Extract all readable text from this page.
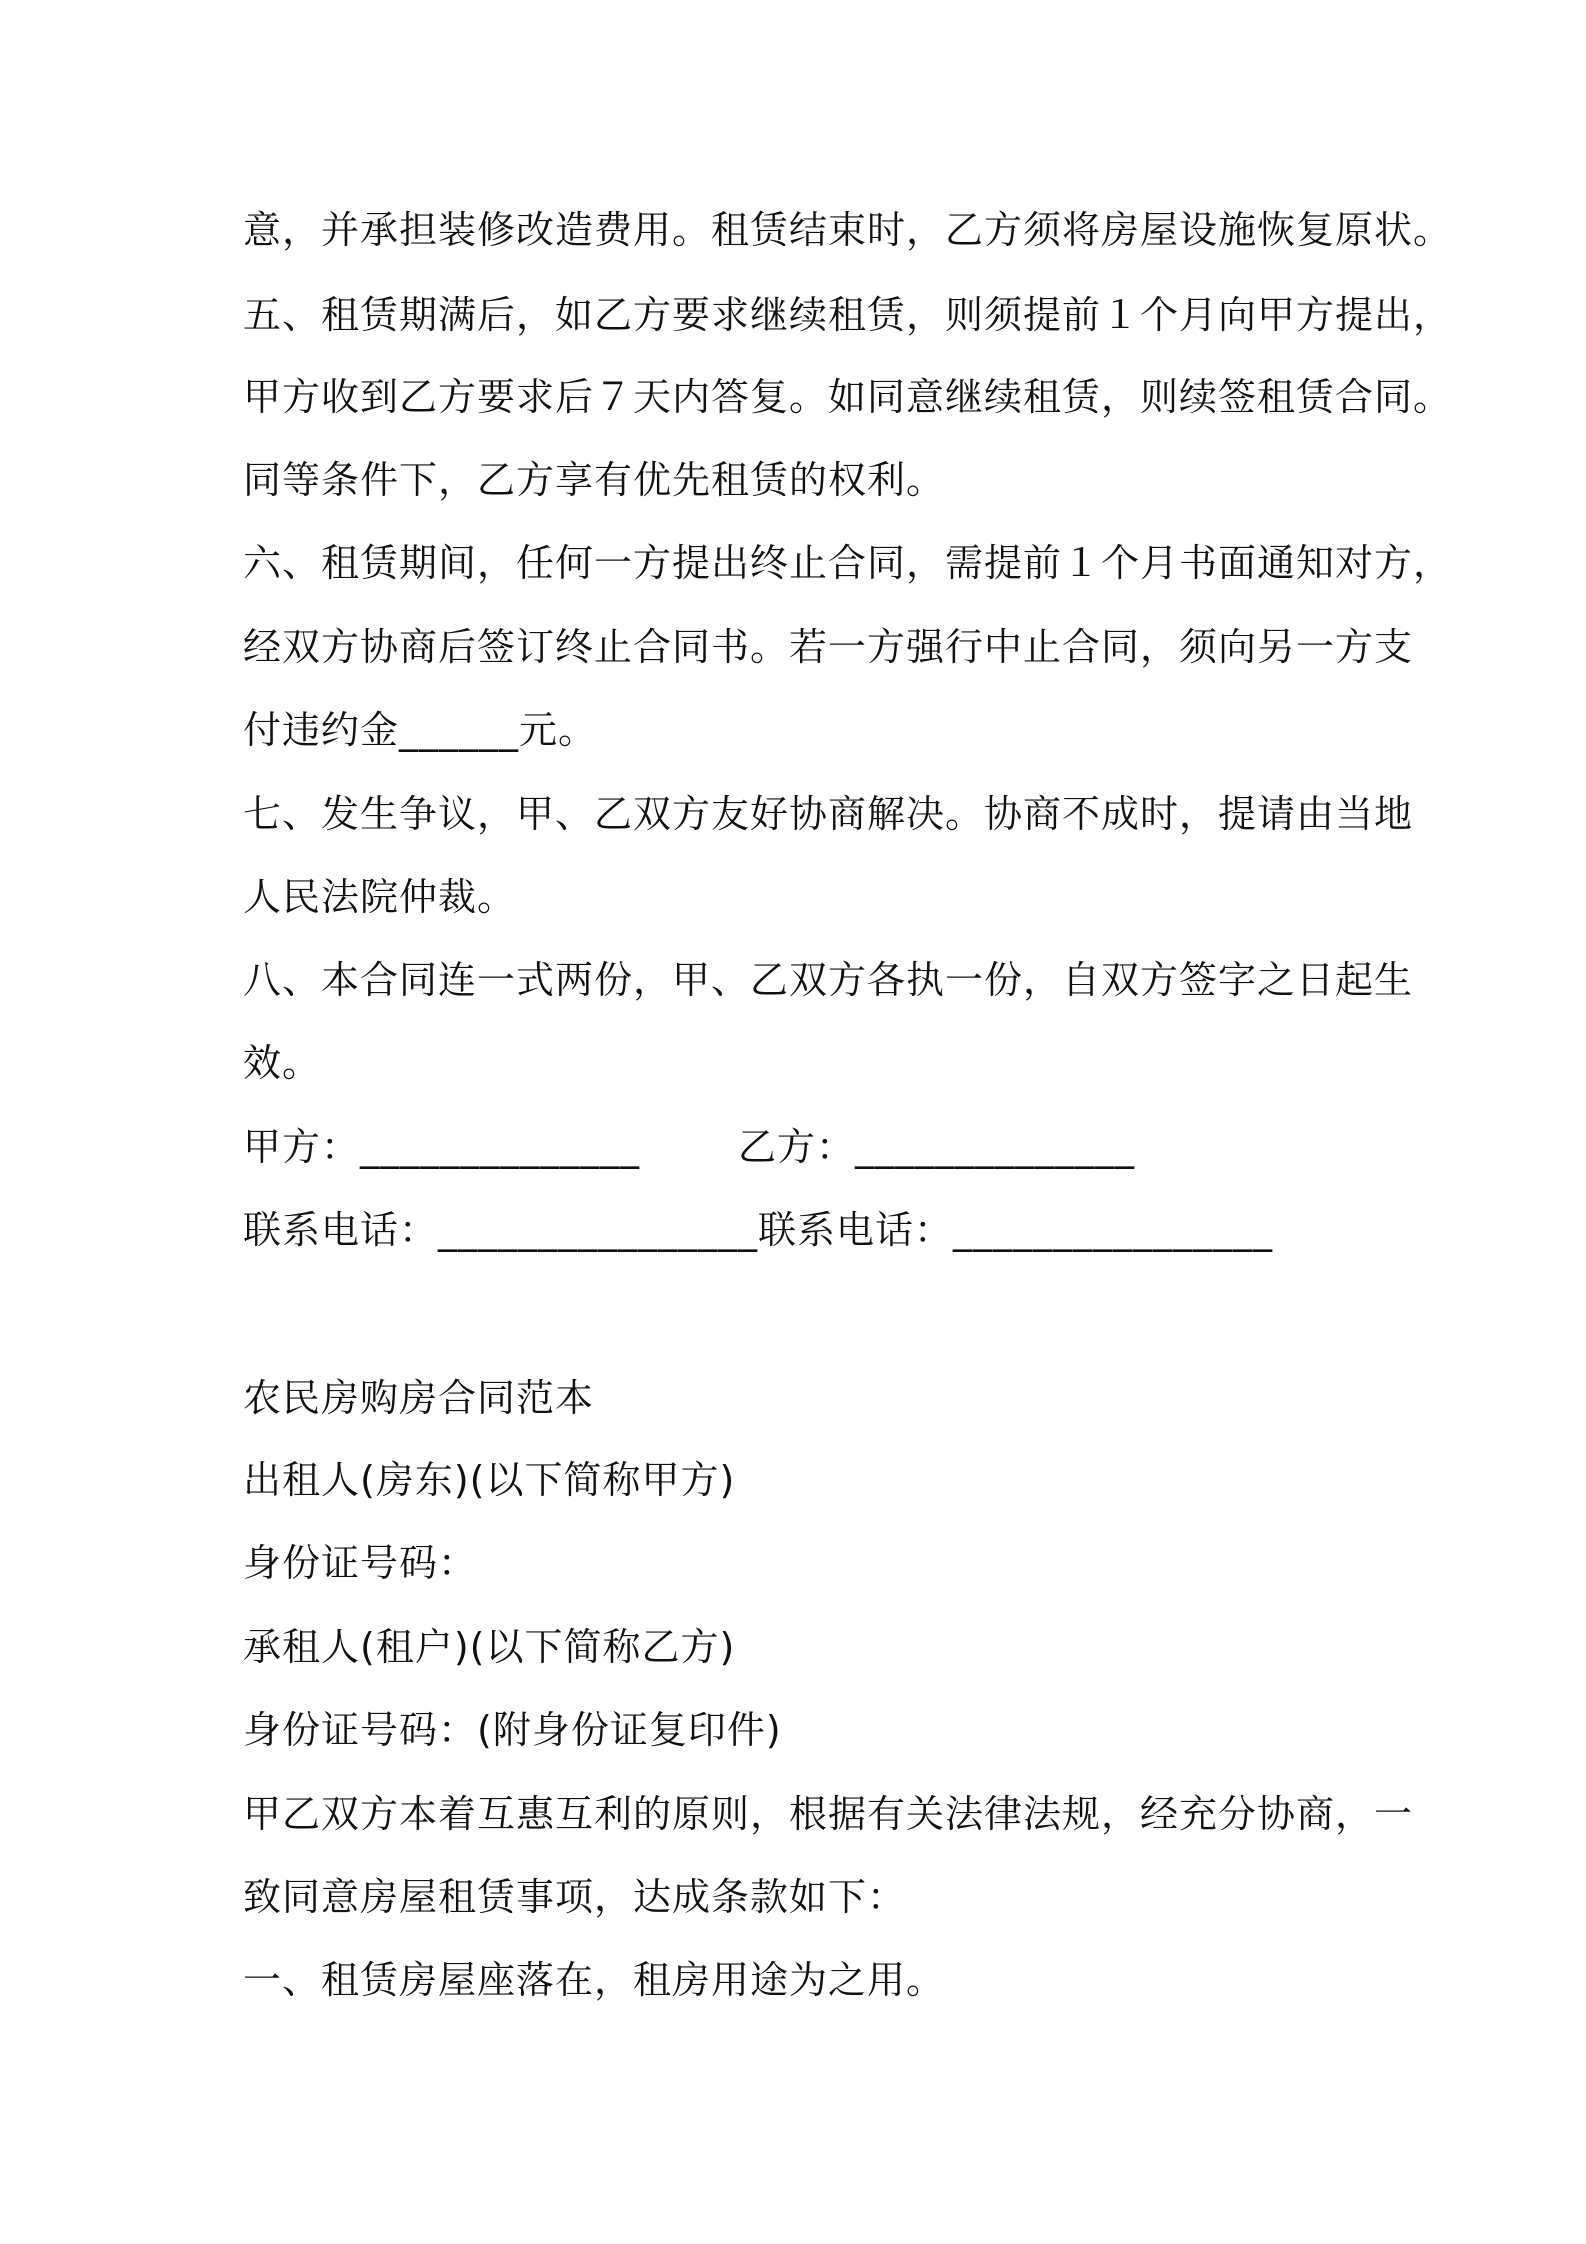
意，并承担装修改造费用。租赁结束时，乙方须将房屋设施恢复原状。
五、租赁期满后，如乙方要求继续租赁，则须提前１个月向甲方提出，
甲方收到乙方要求后７天内答复。如同意继续租赁，则续签租赁合同。
同等条件下，乙方享有优先租赁的权利。
六、租赁期间，任何一方提出终止合同，需提前１个月书面通知对方，
经双方协商后签订终止合同书。若一方强行中止合同，须向另一方支
付违约金______元。
七、发生争议，甲、乙双方友好协商解决。协商不成时，提请由当地
人民法院仲裁。
八、本合同连一式两份，甲、乙双方各执一份，自双方签字之日起生
效。
甲方：______________	乙方：______________
联系电话：________________联系电话：________________
农民房购房合同范本
出租人(房东)(以下简称甲方)
身份证号码：
承租人(租户)(以下简称乙方)
身份证号码：(附身份证复印件)
甲乙双方本着互惠互利的原则，根据有关法律法规，经充分协商，一
致同意房屋租赁事项，达成条款如下：
一、租赁房屋座落在，租房用途为之用。
